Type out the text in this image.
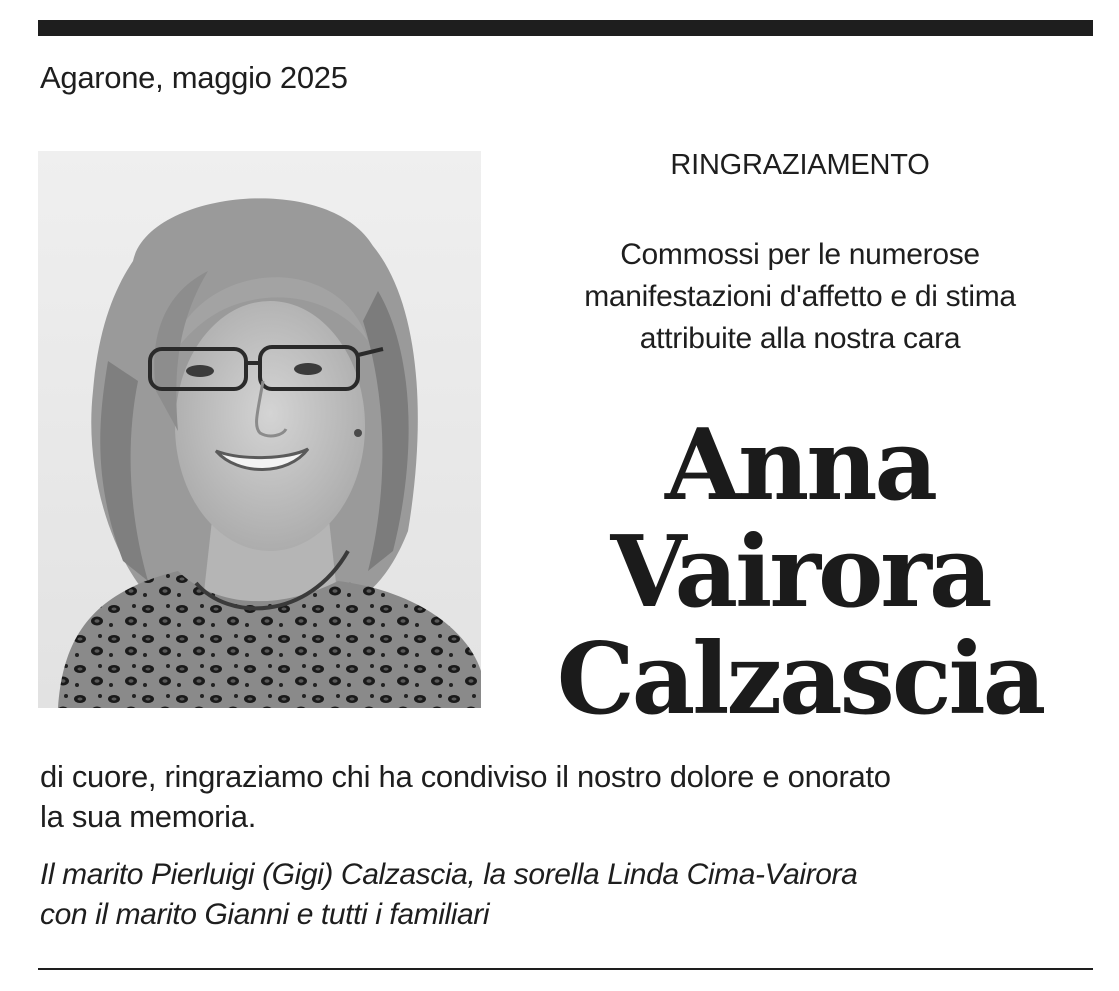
Agarone, maggio 2025
RINGRAZIAMENTO
Commossi per le numerose
manifestazioni d'affetto e di stima
attribuite alla nostra cara
Anna
Vairora
Calzascia
di cuore, ringraziamo chi ha condiviso il nostro dolore e onorato
la sua memoria.
Il marito Pierluigi (Gigi) Calzascia, la sorella Linda Cima-Vairora
con il marito Gianni e tutti i familiari
